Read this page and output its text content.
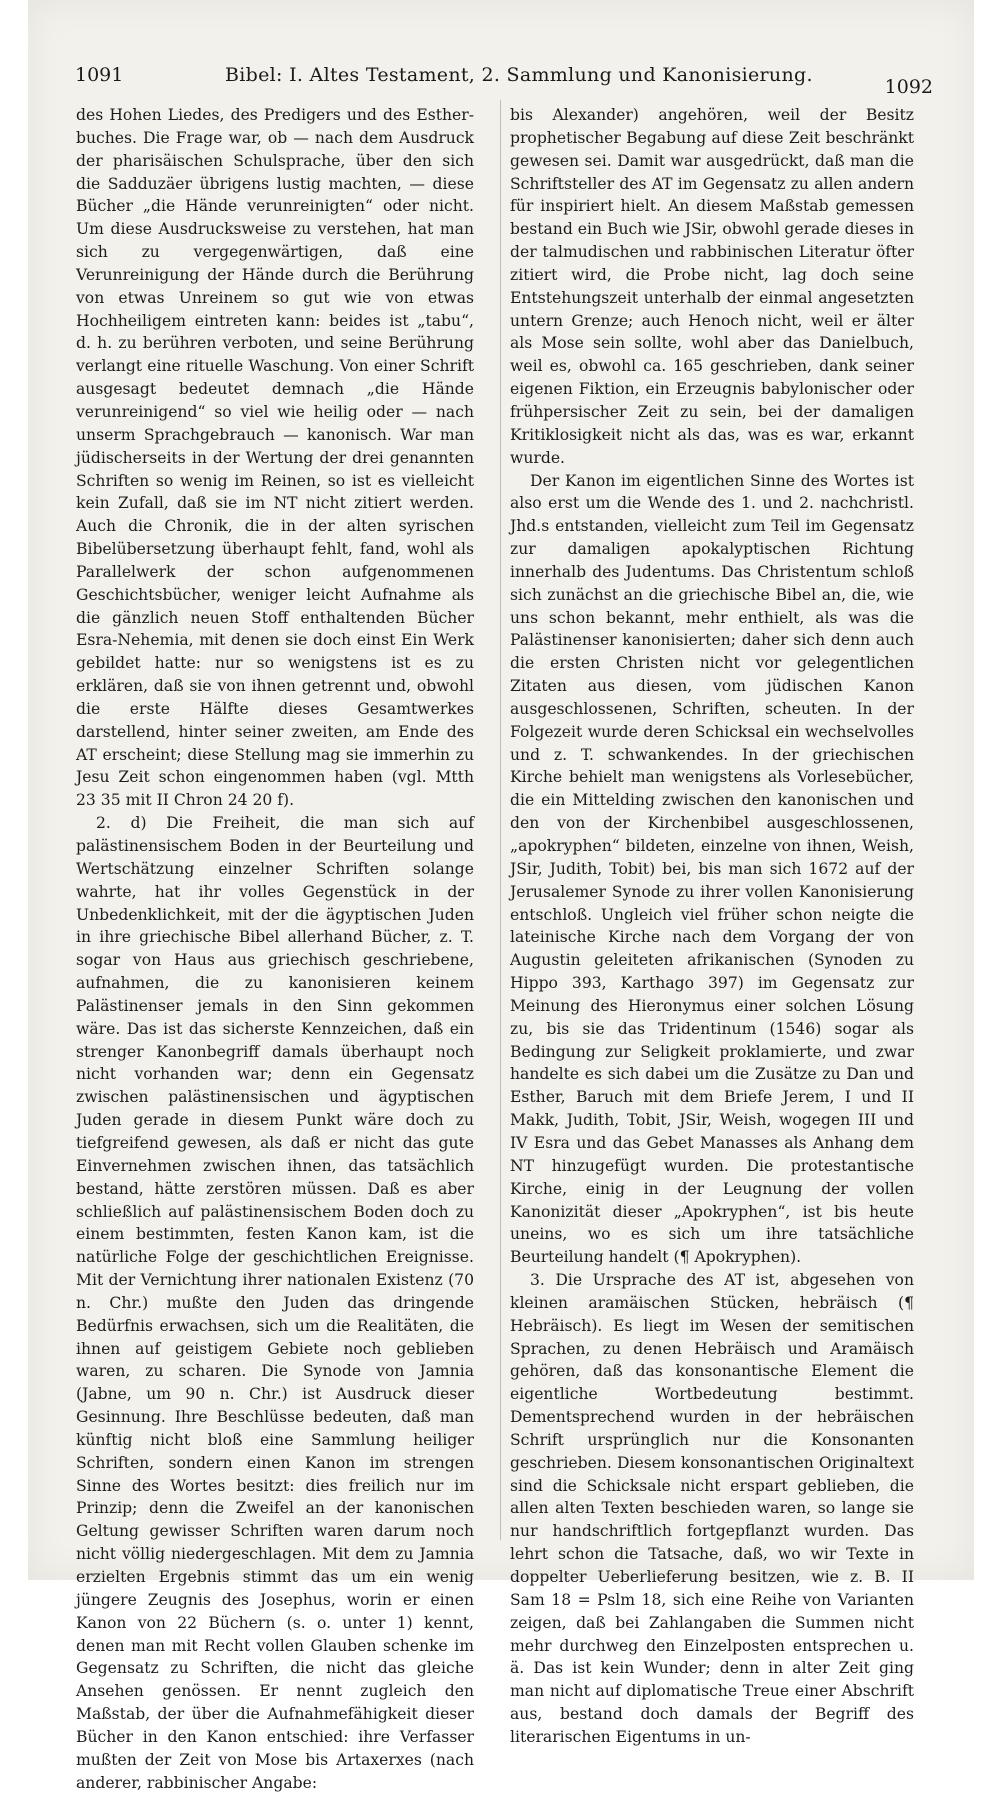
1091	Bibel: I. Altes Testament, 2. Sammlung und Kanonisierung.
1092

des Hohen Liedes, des Predigers und des Esther-buches. Die Frage war, ob — nach dem Ausdruck der pharisäischen Schulsprache, über den sich die Sadduzäer übrigens lustig machten, — diese Bücher „die Hände verunreinigten“ oder nicht. Um diese Ausdrucksweise zu verstehen, hat man sich zu vergegenwärtigen, daß eine Verunreinigung der Hände durch die Berührung von etwas Unreinem so gut wie von etwas Hochheiligem eintreten kann: beides ist „tabu“, d. h. zu berühren verboten, und seine Berührung verlangt eine rituelle Waschung. Von einer Schrift ausgesagt bedeutet demnach „die Hände verunreinigend“ so viel wie heilig oder — nach unserm Sprachgebrauch — kanonisch. War man jüdischerseits in der Wertung der drei genannten Schriften so wenig im Reinen, so ist es vielleicht kein Zufall, daß sie im NT nicht zitiert werden. Auch die Chronik, die in der alten syrischen Bibelübersetzung überhaupt fehlt, fand, wohl als Parallelwerk der schon aufgenommenen Geschichtsbücher, weniger leicht Aufnahme als die gänzlich neuen Stoff enthaltenden Bücher Esra-Nehemia, mit denen sie doch einst Ein Werk gebildet hatte: nur so wenigstens ist es zu erklären, daß sie von ihnen getrennt und, obwohl die erste Hälfte dieses Gesamtwerkes darstellend, hinter seiner zweiten, am Ende des AT erscheint; diese Stellung mag sie immerhin zu Jesu Zeit schon eingenommen haben (vgl. Mtth 23 35 mit II Chron 24 20 f).

2. d) Die Freiheit, die man sich auf palästinensischem Boden in der Beurteilung und Wertschätzung einzelner Schriften solange wahrte, hat ihr volles Gegenstück in der Unbedenklichkeit, mit der die ägyptischen Juden in ihre griechische Bibel allerhand Bücher, z. T. sogar von Haus aus griechisch geschriebene, aufnahmen, die zu kanonisieren keinem Palästinenser jemals in den Sinn gekommen wäre. Das ist das sicherste Kennzeichen, daß ein strenger Kanonbegriff damals überhaupt noch nicht vorhanden war; denn ein Gegensatz zwischen palästinensischen und ägyptischen Juden gerade in diesem Punkt wäre doch zu tiefgreifend gewesen, als daß er nicht das gute Einvernehmen zwischen ihnen, das tatsächlich bestand, hätte zerstören müssen. Daß es aber schließlich auf palästinensischem Boden doch zu einem bestimmten, festen Kanon kam, ist die natürliche Folge der geschichtlichen Ereignisse. Mit der Vernichtung ihrer nationalen Existenz (70 n. Chr.) mußte den Juden das dringende Bedürfnis erwachsen, sich um die Realitäten, die ihnen auf geistigem Gebiete noch geblieben waren, zu scharen. Die Synode von Jamnia (Jabne, um 90 n. Chr.) ist Ausdruck dieser Gesinnung. Ihre Beschlüsse bedeuten, daß man künftig nicht bloß eine Sammlung heiliger Schriften, sondern einen Kanon im strengen Sinne des Wortes besitzt: dies freilich nur im Prinzip; denn die Zweifel an der kanonischen Geltung gewisser Schriften waren darum noch nicht völlig niedergeschlagen. Mit dem zu Jamnia erzielten Ergebnis stimmt das um ein wenig jüngere Zeugnis des Josephus, worin er einen Kanon von 22 Büchern (s. o. unter 1) kennt, denen man mit Recht vollen Glauben schenke im Gegensatz zu Schriften, die nicht das gleiche Ansehen genössen. Er nennt zugleich den Maßstab, der über die Aufnahmefähigkeit dieser Bücher in den Kanon entschied: ihre Verfasser mußten der Zeit von Mose bis Artaxerxes (nach anderer, rabbinischer Angabe:

bis Alexander) angehören, weil der Besitz prophetischer Begabung auf diese Zeit beschränkt gewesen sei. Damit war ausgedrückt, daß man die Schriftsteller des AT im Gegensatz zu allen andern für inspiriert hielt. An diesem Maßstab gemessen bestand ein Buch wie JSir, obwohl gerade dieses in der talmudischen und rabbinischen Literatur öfter zitiert wird, die Probe nicht, lag doch seine Entstehungszeit unterhalb der einmal angesetzten untern Grenze; auch Henoch nicht, weil er älter als Mose sein sollte, wohl aber das Danielbuch, weil es, obwohl ca. 165 geschrieben, dank seiner eigenen Fiktion, ein Erzeugnis babylonischer oder frühpersischer Zeit zu sein, bei der damaligen Kritiklosigkeit nicht als das, was es war, erkannt wurde.

Der Kanon im eigentlichen Sinne des Wortes ist also erst um die Wende des 1. und 2. nachchristl. Jhd.s entstanden, vielleicht zum Teil im Gegensatz zur damaligen apokalyptischen Richtung innerhalb des Judentums. Das Christentum schloß sich zunächst an die griechische Bibel an, die, wie uns schon bekannt, mehr enthielt, als was die Palästinenser kanonisierten; daher sich denn auch die ersten Christen nicht vor gelegentlichen Zitaten aus diesen, vom jüdischen Kanon ausgeschlossenen, Schriften, scheuten. In der Folgezeit wurde deren Schicksal ein wechselvolles und z. T. schwankendes. In der griechischen Kirche behielt man wenigstens als Vorlesebücher, die ein Mittelding zwischen den kanonischen und den von der Kirchenbibel ausgeschlossenen, „apokryphen“ bildeten, einzelne von ihnen, Weish, JSir, Judith, Tobit) bei, bis man sich 1672 auf der Jerusalemer Synode zu ihrer vollen Kanonisierung entschloß. Ungleich viel früher schon neigte die lateinische Kirche nach dem Vorgang der von Augustin geleiteten afrikanischen (Synoden zu Hippo 393, Karthago 397) im Gegensatz zur Meinung des Hieronymus einer solchen Lösung zu, bis sie das Tridentinum (1546) sogar als Bedingung zur Seligkeit proklamierte, und zwar handelte es sich dabei um die Zusätze zu Dan und Esther, Baruch mit dem Briefe Jerem, I und II Makk, Judith, Tobit, JSir, Weish, wogegen III und IV Esra und das Gebet Manasses als Anhang dem NT hinzugefügt wurden. Die protestantische Kirche, einig in der Leugnung der vollen Kanonizität dieser „Apokryphen“, ist bis heute uneins, wo es sich um ihre tatsächliche Beurteilung handelt (¶ Apokryphen).

3. Die Ursprache des AT ist, abgesehen von kleinen aramäischen Stücken, hebräisch (¶ Hebräisch). Es liegt im Wesen der semitischen Sprachen, zu denen Hebräisch und Aramäisch gehören, daß das konsonantische Element die eigentliche Wortbedeutung bestimmt. Dementsprechend wurden in der hebräischen Schrift ursprünglich nur die Konsonanten geschrieben. Diesem konsonantischen Originaltext sind die Schicksale nicht erspart geblieben, die allen alten Texten beschieden waren, so lange sie nur handschriftlich fortgepflanzt wurden. Das lehrt schon die Tatsache, daß, wo wir Texte in doppelter Ueberlieferung besitzen, wie z. B. II Sam 18 = Pslm 18, sich eine Reihe von Varianten zeigen, daß bei Zahlangaben die Summen nicht mehr durchweg den Einzelposten entsprechen u. ä. Das ist kein Wunder; denn in alter Zeit ging man nicht auf diplomatische Treue einer Abschrift aus, bestand doch damals der Begriff des literarischen Eigentums in un-
